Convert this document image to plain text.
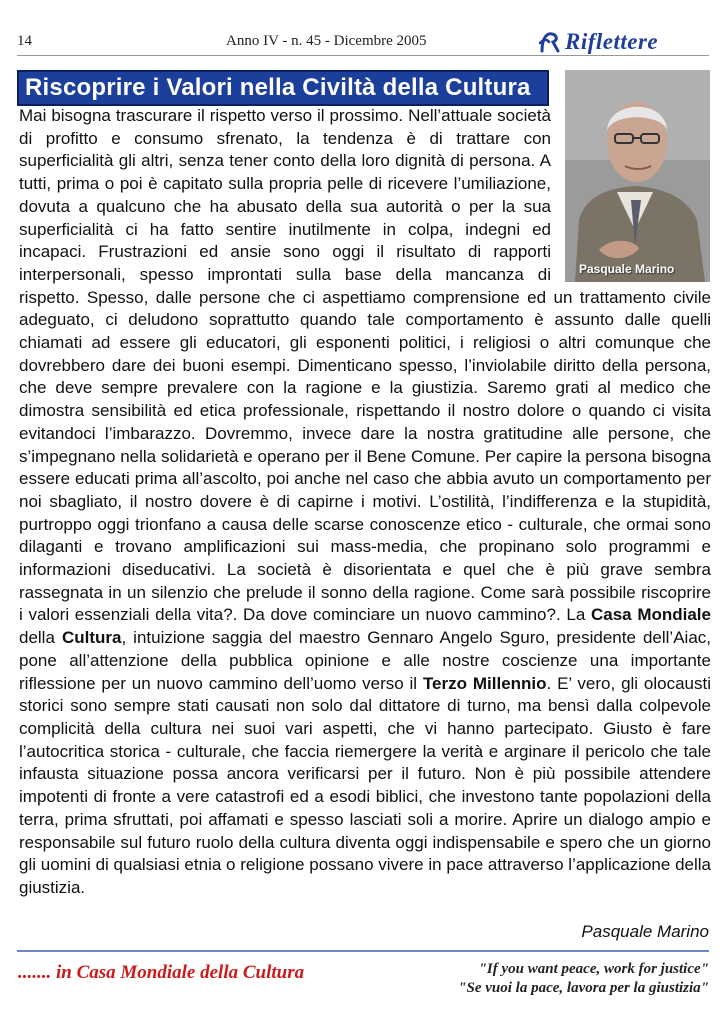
14	Anno IV - n. 45 - Dicembre 2005	Riflettere
Riscoprire i Valori nella Civiltà della Cultura
Pasquale Marino

Mai bisogna trascurare il rispetto verso il prossimo. Nell’attuale società di profitto e consumo sfrenato, la tendenza è di trattare con superficialità gli altri, senza tener conto della loro dignità di persona. A tutti, prima o poi è capitato sulla propria pelle di ricevere l’umiliazione, dovuta a qualcuno che ha abusato della sua autorità o per la sua superficialità ci ha fatto sentire inutilmente in colpa, indegni ed incapaci. Frustrazioni ed ansie sono oggi il risultato di rapporti interpersonali, spesso improntati sulla base della mancanza di rispetto. Spesso, dalle persone che ci aspettiamo comprensione ed un trattamento civile adeguato, ci deludono soprattutto quando tale comportamento è assunto dalle quelli chiamati ad essere gli educatori, gli esponenti politici, i religiosi o altri comunque che dovrebbero dare dei buoni esempi. Dimenticano spesso, l’inviolabile diritto della persona, che deve sempre prevalere con la ragione e la giustizia. Saremo grati al medico che dimostra sensibilità ed etica professionale, rispettando il nostro dolore o quando ci visita evitandoci l’imbarazzo. Dovremmo, invece dare la nostra gratitudine alle persone, che s’impegnano nella solidarietà e operano per il Bene Comune. Per capire la persona bisogna essere educati prima all’ascolto, poi anche nel caso che abbia avuto un comportamento per noi sbagliato, il nostro dovere è di capirne i motivi. L’ostilità, l’indifferenza e la stupidità, purtroppo oggi trionfano a causa delle scarse conoscenze etico - culturale, che ormai sono dilaganti e trovano amplificazioni sui mass-media, che propinano solo programmi e informazioni diseducativi. La società è disorientata e quel che è più grave sembra rassegnata in un silenzio che prelude il sonno della ragione. Come sarà possibile riscoprire i valori essenziali della vita?. Da dove cominciare un nuovo cammino?. La Casa Mondiale della Cultura, intuizione saggia del maestro Gennaro Angelo Sguro, presidente dell’Aiac, pone all’attenzione della pubblica opinione e alle nostre coscienze una importante riflessione per un nuovo cammino dell’uomo verso il Terzo Millennio. E’ vero, gli olocausti storici sono sempre stati causati non solo dal dittatore di turno, ma bensì dalla colpevole complicità della cultura nei suoi vari aspetti, che vi hanno partecipato. Giusto è fare l’autocritica storica - culturale, che faccia riemergere la verità e arginare il pericolo che tale infausta situazione possa ancora verificarsi per il futuro. Non è più possibile attendere impotenti di fronte a vere catastrofi ed a esodi biblici, che investono tante popolazioni della terra, prima sfruttati, poi affamati e spesso lasciati soli a morire. Aprire un dialogo ampio e responsabile sul futuro ruolo della cultura diventa oggi indispensabile e spero che un giorno gli uomini di qualsiasi etnia o religione possano vivere in pace attraverso l’applicazione della giustizia.

Pasquale Marino
....... in Casa Mondiale della Cultura	"If you want peace, work for justice"
"Se vuoi la pace, lavora per la giustizia"
